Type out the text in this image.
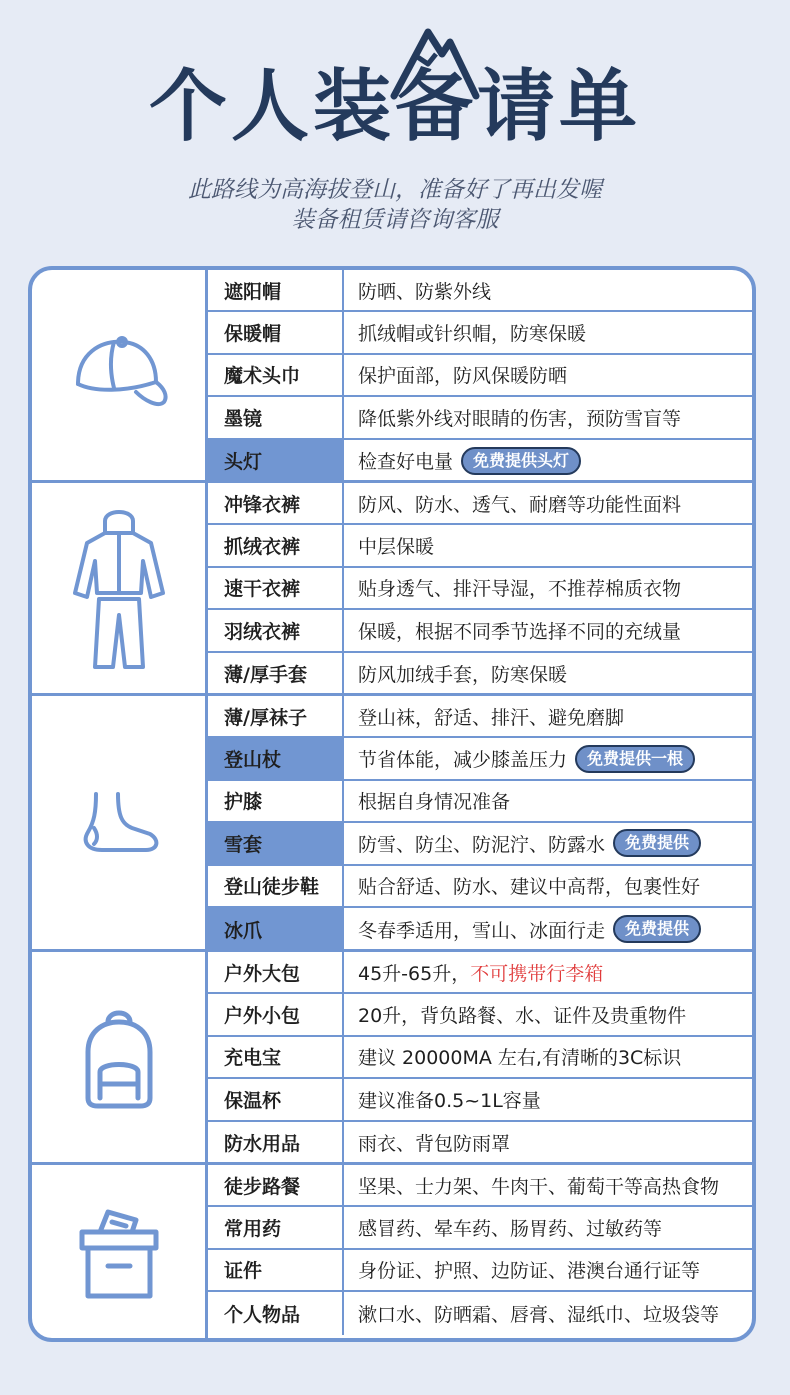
个人装备请单
此路线为高海拔登山，准备好了再出发喔
装备租赁请咨询客服
遮阳帽	防晒、防紫外线
保暖帽	抓绒帽或针织帽，防寒保暖
魔术头巾	保护面部，防风保暖防晒
墨镜	降低紫外线对眼睛的伤害，预防雪盲等
头灯	检查好电量	免费提供头灯
冲锋衣裤	防风、防水、透气、耐磨等功能性面料
抓绒衣裤	中层保暖
速干衣裤	贴身透气、排汗导湿，不推荐棉质衣物
羽绒衣裤	保暖，根据不同季节选择不同的充绒量
薄/厚手套	防风加绒手套，防寒保暖
薄/厚袜子	登山袜，舒适、排汗、避免磨脚
登山杖	节省体能，减少膝盖压力	免费提供一根
护膝	根据自身情况准备
雪套	防雪、防尘、防泥泞、防露水	免费提供
登山徒步鞋	贴合舒适、防水、建议中高帮，包裹性好
冰爪	冬春季适用，雪山、冰面行走	免费提供
户外大包	45升-65升， 不可携带行李箱
户外小包	20升，背负路餐、水、证件及贵重物件
充电宝	建议 20000MA 左右,有清晰的3C标识
保温杯	建议准备0.5~1L容量
防水用品	雨衣、背包防雨罩
徒步路餐	坚果、士力架、牛肉干、葡萄干等高热食物
常用药	感冒药、晕车药、肠胃药、过敏药等
证件	身份证、护照、边防证、港澳台通行证等
个人物品	漱口水、防晒霜、唇膏、湿纸巾、垃圾袋等
